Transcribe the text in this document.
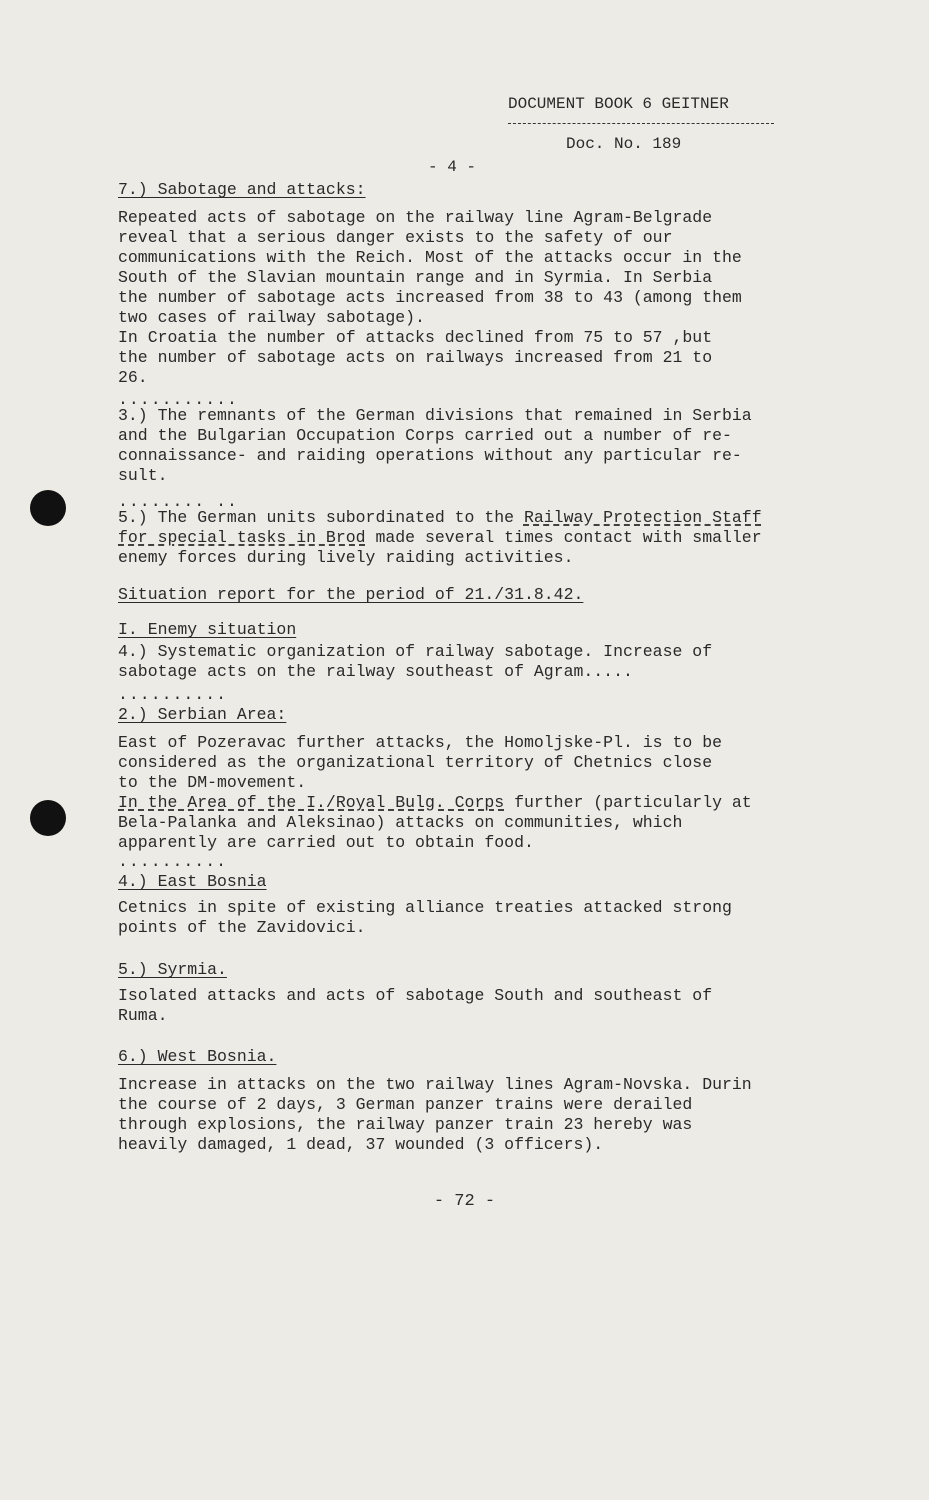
DOCUMENT BOOK 6 GEITNER
Doc. No. 189
- 4 -
7.) Sabotage and attacks:
Repeated acts of sabotage on the railway line Agram-Belgrade
reveal that a serious danger exists to the safety of our
communications with the Reich. Most of the attacks occur in the
South of the Slavian mountain range and in Syrmia. In Serbia
the number of sabotage acts increased from 38 to 43 (among them
two cases of railway sabotage).
In Croatia the number of attacks declined from 75 to 57 ,but
the number of sabotage acts on railways increased from 21 to
26.
...........
3.) The remnants of the German divisions that remained in Serbia
and the Bulgarian Occupation Corps carried out a number of re-
connaissance- and raiding operations without any particular re-
sult.
........ ..
5.) The German units subordinated to the Railway Protection Staff
for special tasks in Brod made several times contact with smaller
enemy forces during lively raiding activities.
Situation report for the period of 21./31.8.42.
I. Enemy situation
4.) Systematic organization of railway sabotage. Increase of
sabotage acts on the railway southeast of Agram.....
..........
2.) Serbian Area:
East of Pozeravac further attacks, the Homoljske-Pl. is to be
considered as the organizational territory of Chetnics close
to the DM-movement.
In the Area of the I./Royal Bulg. Corps further (particularly at
Bela-Palanka and Aleksinao) attacks on communities, which
apparently are carried out to obtain food.
..........
4.) East Bosnia
Cetnics in spite of existing alliance treaties attacked strong
points of the Zavidovici.
5.) Syrmia.
Isolated attacks and acts of sabotage South and southeast of
Ruma.
6.) West Bosnia.
Increase in attacks on the two railway lines Agram-Novska. Durin
the course of 2 days, 3 German panzer trains were derailed
through explosions, the railway panzer train 23 hereby was
heavily damaged, 1 dead, 37 wounded (3 officers).
- 72 -
